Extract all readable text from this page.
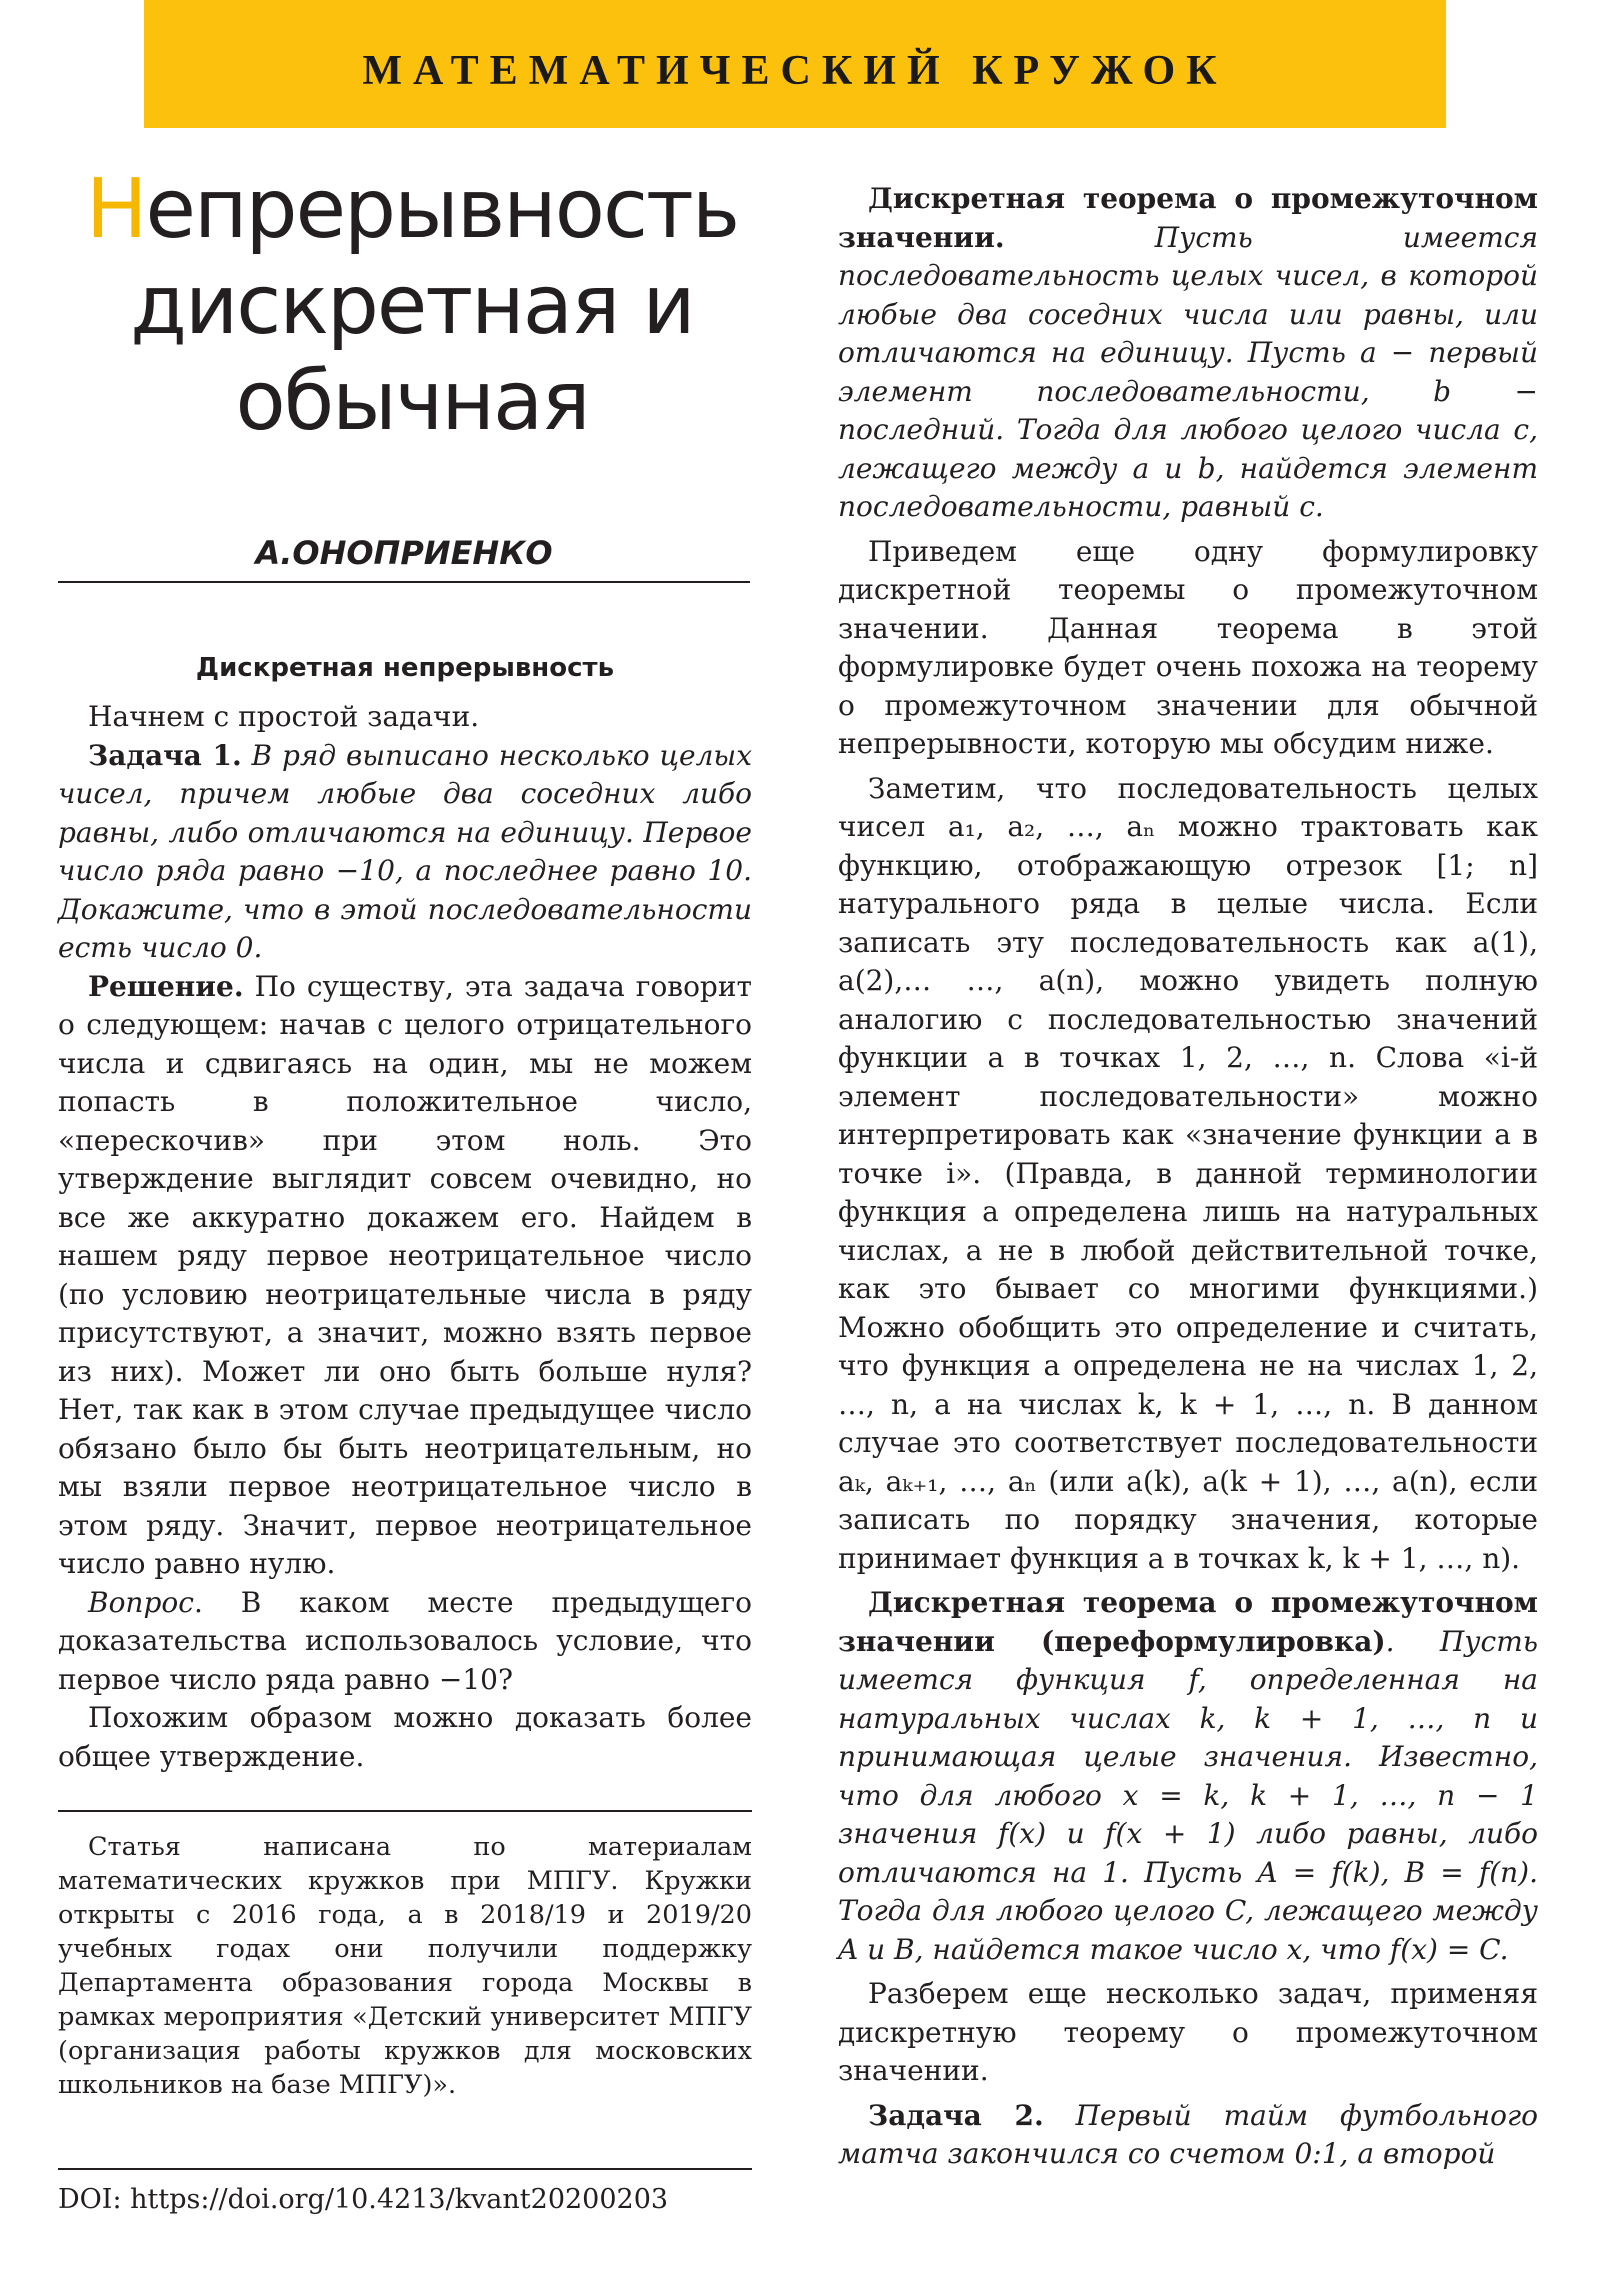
МАТЕМАТИЧЕСКИЙ КРУЖОК
Непрерывность
дискретная и
обычная
А.ОНОПРИЕНКО
Дискретная непрерывность

Начнем с простой задачи.

Задача 1. В ряд выписано несколько целых чисел, причем любые два соседних либо равны, либо отличаются на единицу. Первое число ряда равно −10, а последнее равно 10. Докажите, что в этой последовательности есть число 0.

Решение. По существу, эта задача говорит о следующем: начав с целого отрицательного числа и сдвигаясь на один, мы не можем попасть в положительное число, «перескочив» при этом ноль. Это утверждение выглядит совсем очевидно, но все же аккуратно докажем его. Найдем в нашем ряду первое неотрицательное число (по условию неотрицательные числа в ряду присутствуют, а значит, можно взять первое из них). Может ли оно быть больше нуля? Нет, так как в этом случае предыдущее число обязано было бы быть неотрицательным, но мы взяли первое неотрицательное число в этом ряду. Значит, первое неотрицательное число равно нулю.

Вопрос. В каком месте предыдущего доказательства использовалось условие, что первое число ряда равно −10?

Похожим образом можно доказать более общее утверждение.

Статья написана по материалам математических кружков при МПГУ. Кружки открыты с 2016 года, а в 2018/19 и 2019/20 учебных годах они получили поддержку Департамента образования города Москвы в рамках мероприятия «Детский университет МПГУ (организация работы кружков для московских школьников на базе МПГУ)».

DOI: https://doi.org/10.4213/kvant20200203

Дискретная теорема о промежуточном значении.	Пусть имеется последовательность целых чисел, в которой любые два соседних числа или равны, или отличаются на единицу. Пусть a − первый элемент последовательности, b − последний. Тогда для любого целого числа c, лежащего между a и b, найдется элемент последовательности, равный c.

Приведем еще одну формулировку дискретной теоремы о промежуточном значении. Данная теорема в этой формулировке будет очень похожа на теорему о промежуточном значении для обычной непрерывности, которую мы обсудим ниже.

Заметим, что последовательность целых чисел a₁, a₂, …, aₙ можно трактовать как функцию, отображающую отрезок [1; n] натурального ряда в целые числа. Если записать эту последовательность как a(1), a(2),… …, a(n), можно увидеть полную аналогию с последовательностью значений функции a в точках 1, 2, …, n. Слова «i-й элемент последовательности» можно интерпретировать как «значение функции a в точке i». (Правда, в данной терминологии функция a определена лишь на натуральных числах, а не в любой действительной точке, как это бывает со многими функциями.) Можно обобщить это определение и считать, что функция a определена не на числах 1, 2, …, n, а на числах k, k + 1, …, n. В данном случае это соответствует последовательности aₖ, aₖ₊₁, …, aₙ (или a(k), a(k + 1), …, a(n), если записать по порядку значения, которые принимает функция a в точках k, k + 1, …, n).

Дискретная теорема о промежуточном значении (переформулировка). Пусть имеется функция f, определенная на натуральных числах k, k + 1, …, n и принимающая целые значения. Известно, что для любого x = k, k + 1, …, n − 1 значения f(x) и f(x + 1) либо равны, либо отличаются на 1. Пусть A = f(k), B = f(n). Тогда для любого целого C, лежащего между A и B, найдется такое число x, что f(x) = C.

Разберем еще несколько задач, применяя дискретную теорему о промежуточном значении.

Задача 2. Первый тайм футбольного матча закончился со счетом 0:1, а второй
